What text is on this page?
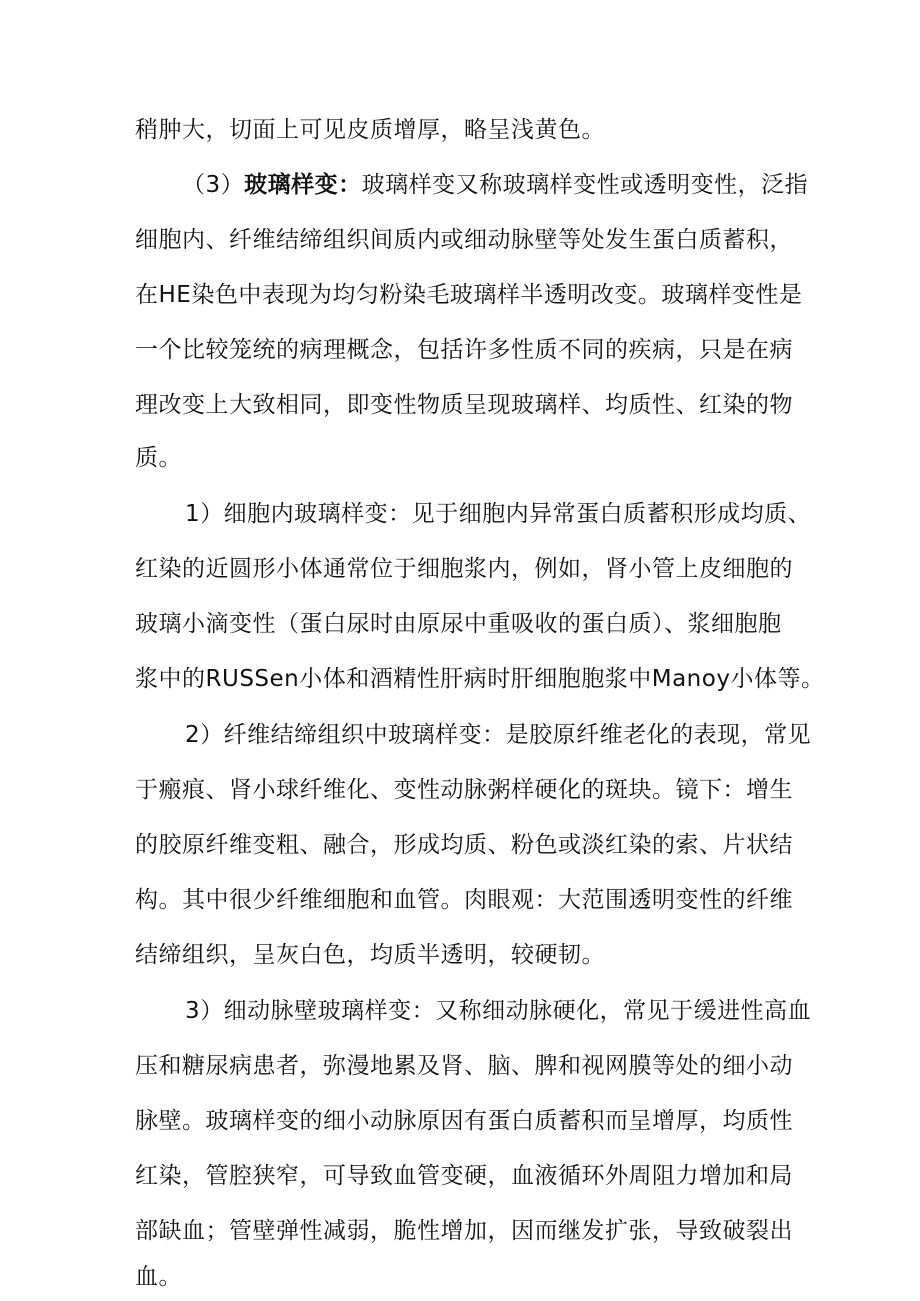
稍肿大，切面上可见皮质增厚，略呈浅黄色。
（3）玻璃样变：玻璃样变又称玻璃样变性或透明变性，泛指
细胞内、纤维结缔组织间质内或细动脉壁等处发生蛋白质蓄积，
在HE染色中表现为均匀粉染毛玻璃样半透明改变。玻璃样变性是
一个比较笼统的病理概念，包括许多性质不同的疾病，只是在病
理改变上大致相同，即变性物质呈现玻璃样、均质性、红染的物
质。
1）细胞内玻璃样变：见于细胞内异常蛋白质蓄积形成均质、
红染的近圆形小体通常位于细胞浆内，例如，肾小管上皮细胞的
玻璃小滴变性（蛋白尿时由原尿中重吸收的蛋白质）、浆细胞胞
浆中的RUSSen小体和酒精性肝病时肝细胞胞浆中Manoy小体等。
2）纤维结缔组织中玻璃样变：是胶原纤维老化的表现，常见
于瘢痕、肾小球纤维化、变性动脉粥样硬化的斑块。镜下：增生
的胶原纤维变粗、融合，形成均质、粉色或淡红染的索、片状结
构。其中很少纤维细胞和血管。肉眼观：大范围透明变性的纤维
结缔组织，呈灰白色，均质半透明，较硬韧。
3）细动脉壁玻璃样变：又称细动脉硬化，常见于缓进性高血
压和糖尿病患者，弥漫地累及肾、脑、脾和视网膜等处的细小动
脉壁。玻璃样变的细小动脉原因有蛋白质蓄积而呈增厚，均质性
红染，管腔狭窄，可导致血管变硬，血液循环外周阻力增加和局
部缺血；管壁弹性减弱，脆性增加，因而继发扩张，导致破裂出
血。
